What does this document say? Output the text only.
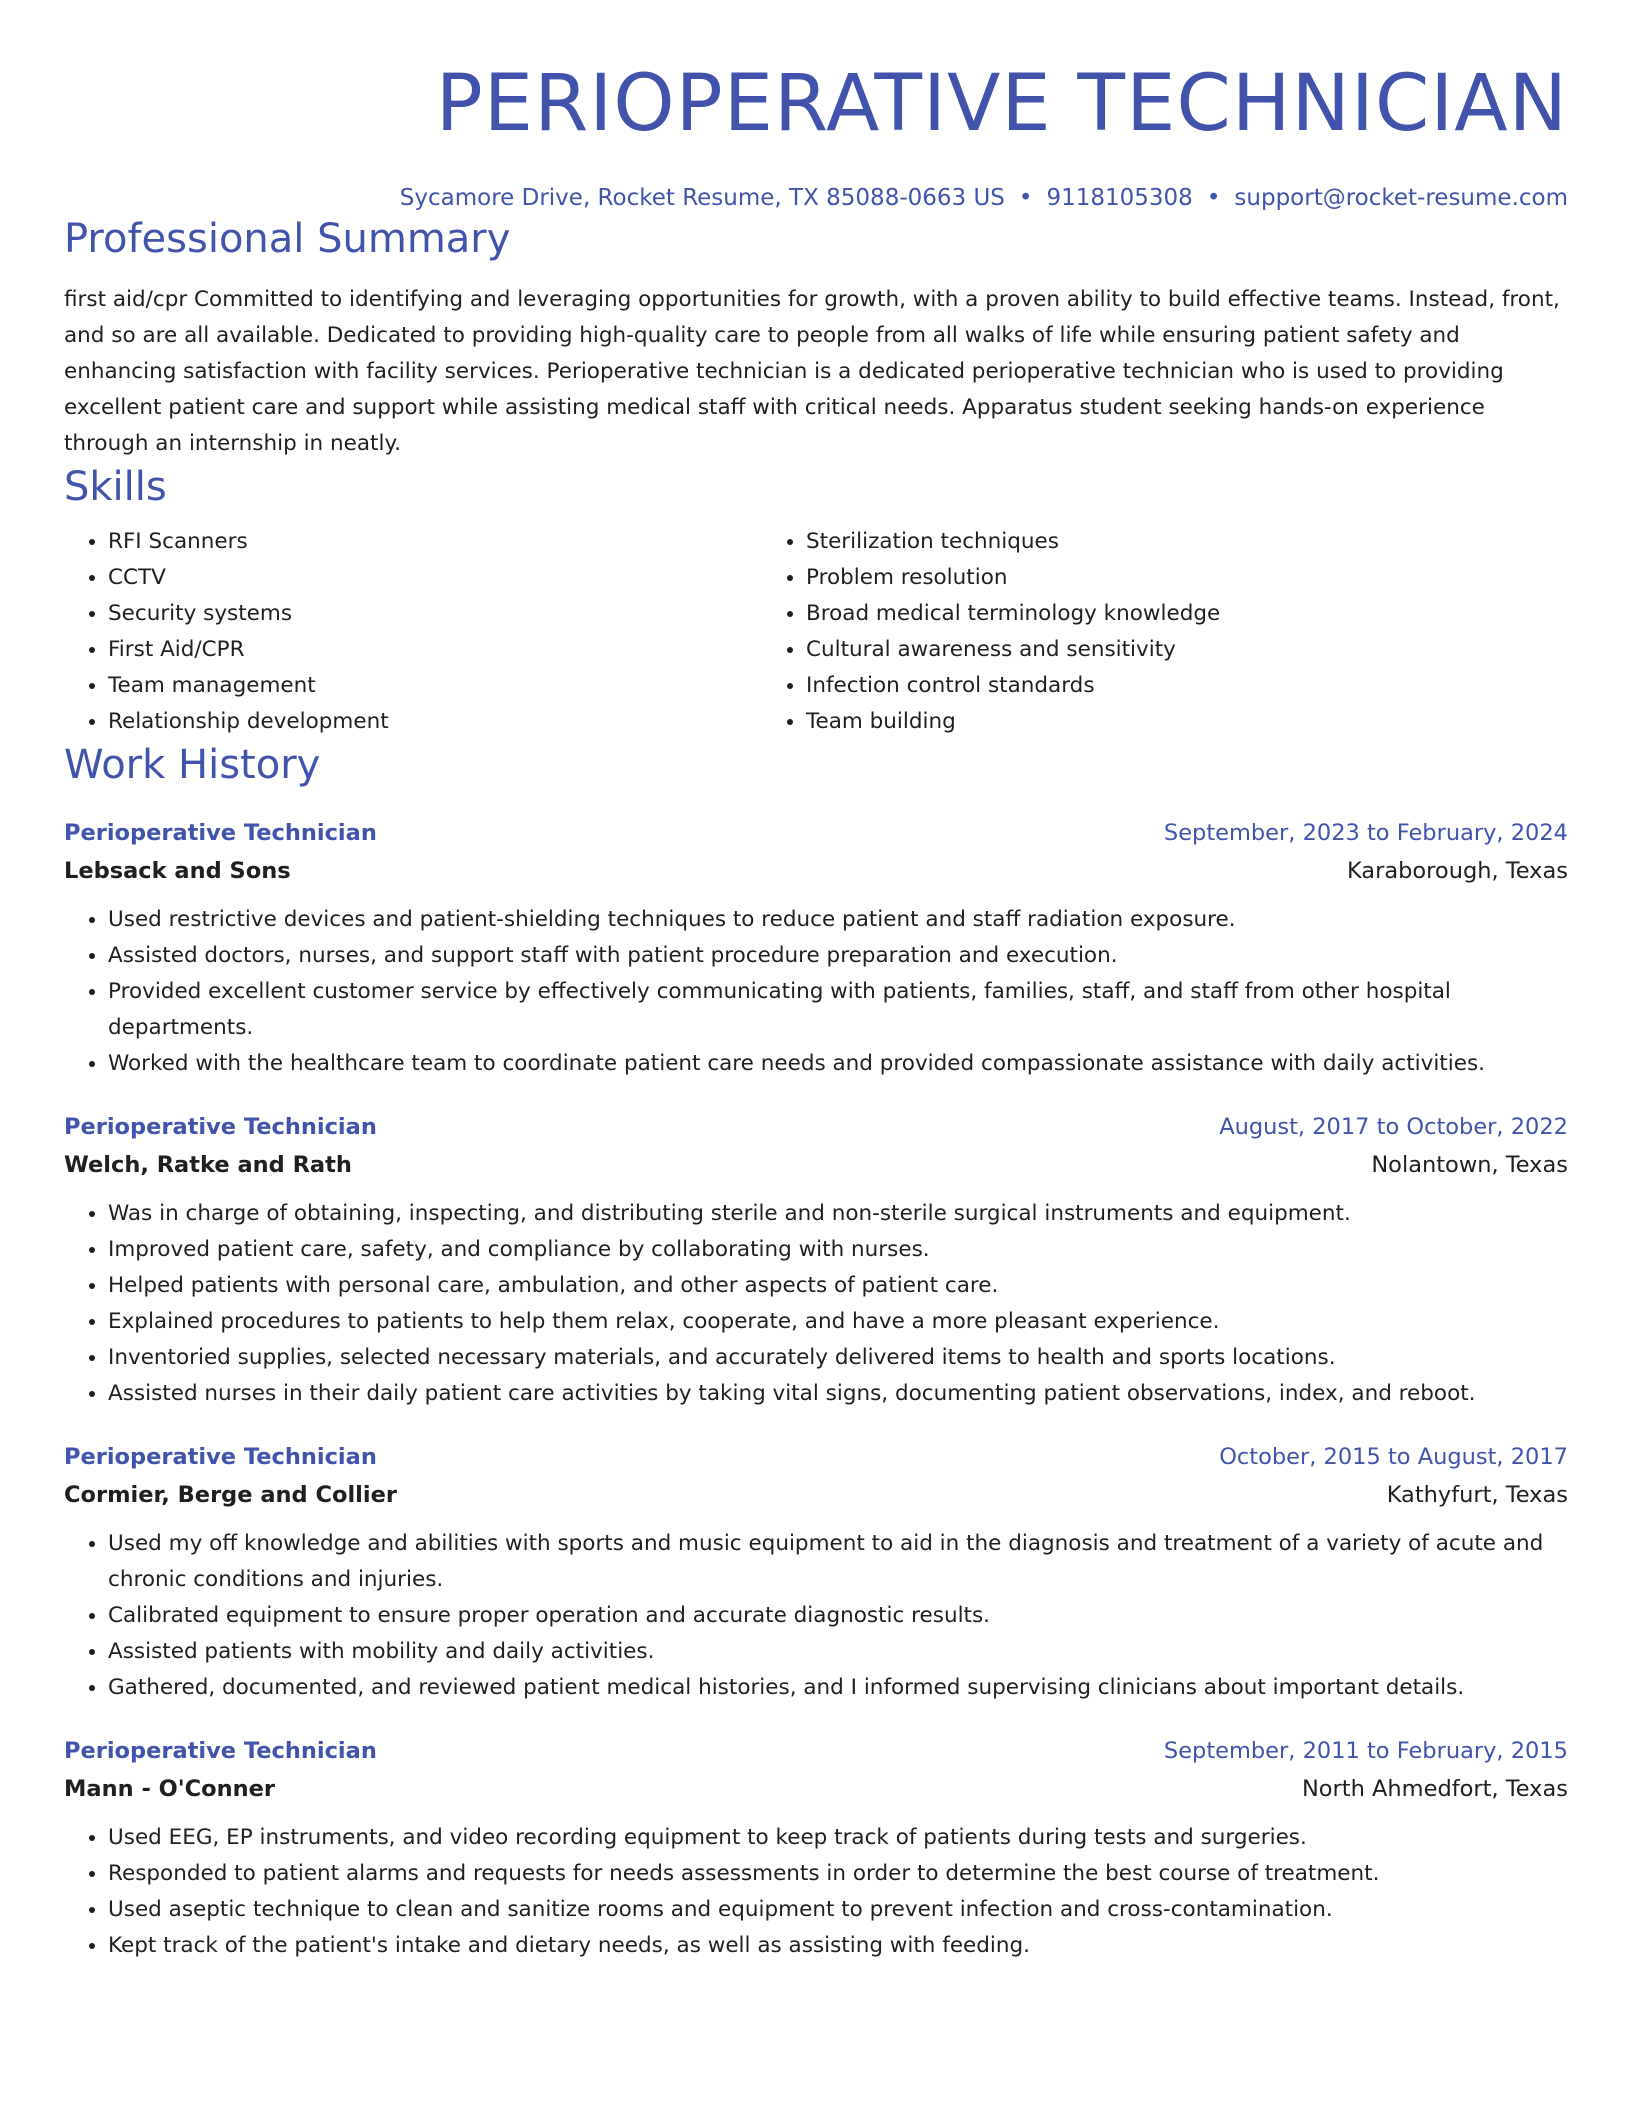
PERIOPERATIVE TECHNICIAN
Sycamore Drive, Rocket Resume, TX 85088-0663 US • 9118105308 • support@rocket-resume.com
Professional Summary

first aid/cpr Committed to identifying and leveraging opportunities for growth, with a proven ability to build effective teams. Instead, front, and so are all available. Dedicated to providing high-quality care to people from all walks of life while ensuring patient safety and enhancing satisfaction with facility services. Perioperative technician is a dedicated perioperative technician who is used to providing excellent patient care and support while assisting medical staff with critical needs. Apparatus student seeking hands-on experience through an internship in neatly.

Skills
• RFI Scanners
• CCTV
• Security systems
• First Aid/CPR
• Team management
• Relationship development
• Sterilization techniques
• Problem resolution
• Broad medical terminology knowledge
• Cultural awareness and sensitivity
• Infection control standards
• Team building
Work History
Perioperative Technician	September, 2023 to February, 2024
Lebsack and Sons	Karaborough, Texas
• Used restrictive devices and patient-shielding techniques to reduce patient and staff radiation exposure.
• Assisted doctors, nurses, and support staff with patient procedure preparation and execution.
• Provided excellent customer service by effectively communicating with patients, families, staff, and staff from other hospital departments.
• Worked with the healthcare team to coordinate patient care needs and provided compassionate assistance with daily activities.
Perioperative Technician	August, 2017 to October, 2022
Welch, Ratke and Rath	Nolantown, Texas
• Was in charge of obtaining, inspecting, and distributing sterile and non-sterile surgical instruments and equipment.
• Improved patient care, safety, and compliance by collaborating with nurses.
• Helped patients with personal care, ambulation, and other aspects of patient care.
• Explained procedures to patients to help them relax, cooperate, and have a more pleasant experience.
• Inventoried supplies, selected necessary materials, and accurately delivered items to health and sports locations.
• Assisted nurses in their daily patient care activities by taking vital signs, documenting patient observations, index, and reboot.
Perioperative Technician	October, 2015 to August, 2017
Cormier, Berge and Collier	Kathyfurt, Texas
• Used my off knowledge and abilities with sports and music equipment to aid in the diagnosis and treatment of a variety of acute and chronic conditions and injuries.
• Calibrated equipment to ensure proper operation and accurate diagnostic results.
• Assisted patients with mobility and daily activities.
• Gathered, documented, and reviewed patient medical histories, and I informed supervising clinicians about important details.
Perioperative Technician	September, 2011 to February, 2015
Mann - O'Conner	North Ahmedfort, Texas
• Used EEG, EP instruments, and video recording equipment to keep track of patients during tests and surgeries.
• Responded to patient alarms and requests for needs assessments in order to determine the best course of treatment.
• Used aseptic technique to clean and sanitize rooms and equipment to prevent infection and cross-contamination.
• Kept track of the patient's intake and dietary needs, as well as assisting with feeding.
